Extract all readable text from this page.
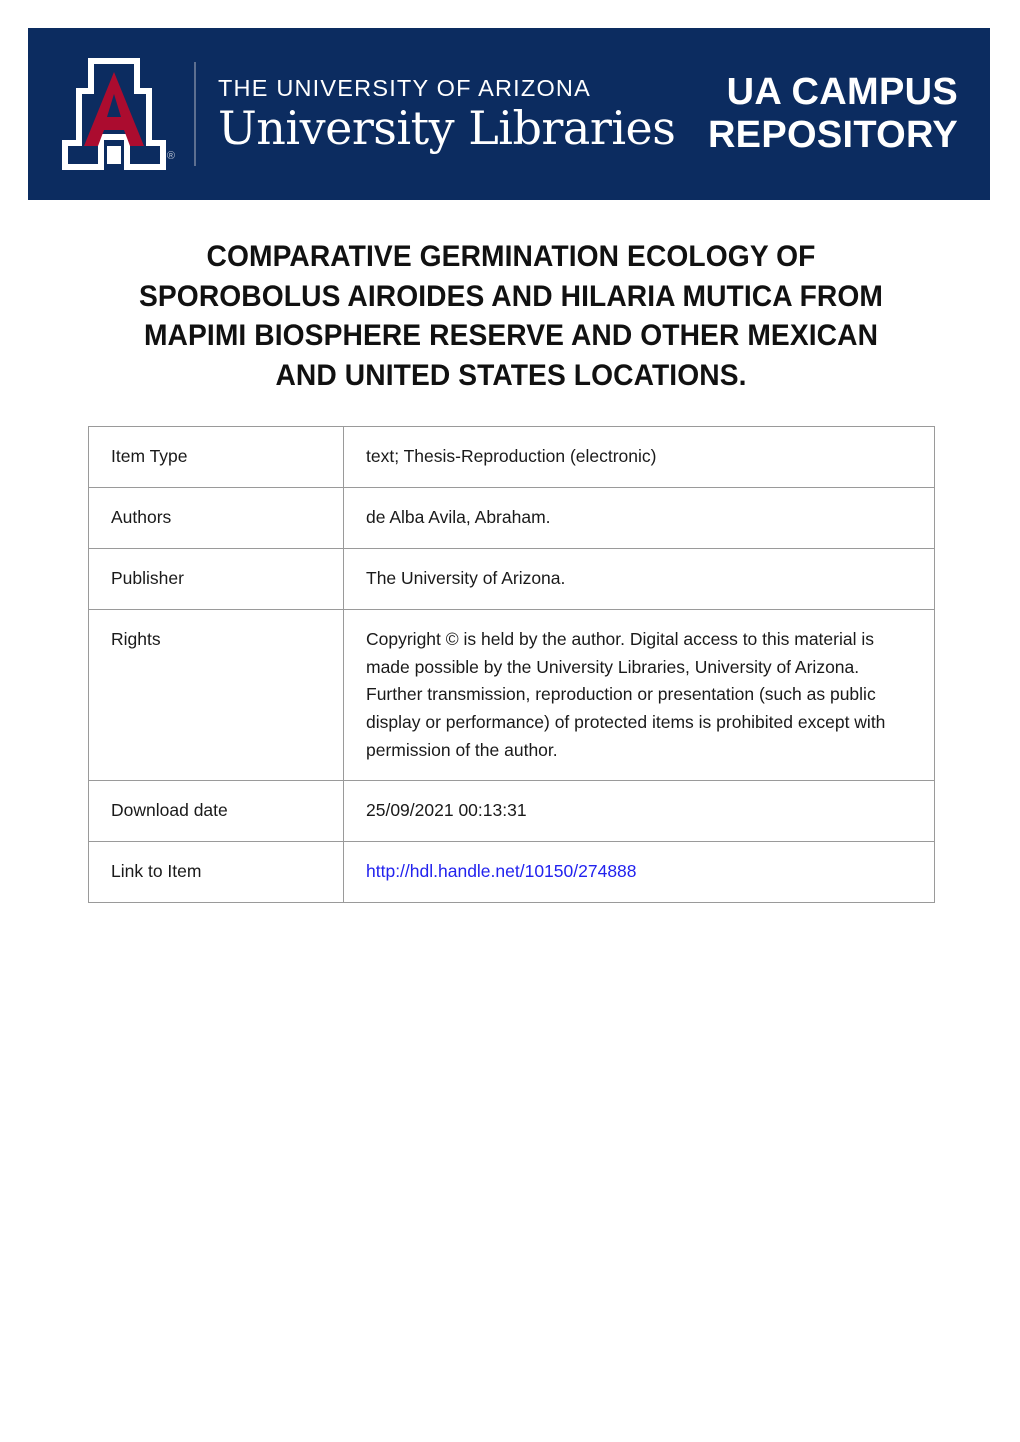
®
THE UNIVERSITY OF ARIZONA
University Libraries
UA CAMPUS
REPOSITORY
COMPARATIVE GERMINATION ECOLOGY OF SPOROBOLUS AIROIDES AND HILARIA MUTICA FROM MAPIMI BIOSPHERE RESERVE AND OTHER MEXICAN AND UNITED STATES LOCATIONS.
Item Type	text; Thesis-Reproduction (electronic)
Authors	de Alba Avila, Abraham.
Publisher	The University of Arizona.
Rights	Copyright © is held by the author. Digital access to this material is made possible by the University Libraries, University of Arizona. Further transmission, reproduction or presentation (such as public display or performance) of protected items is prohibited except with permission of the author.
Download date	25/09/2021 00:13:31
Link to Item	http://hdl.handle.net/10150/274888
